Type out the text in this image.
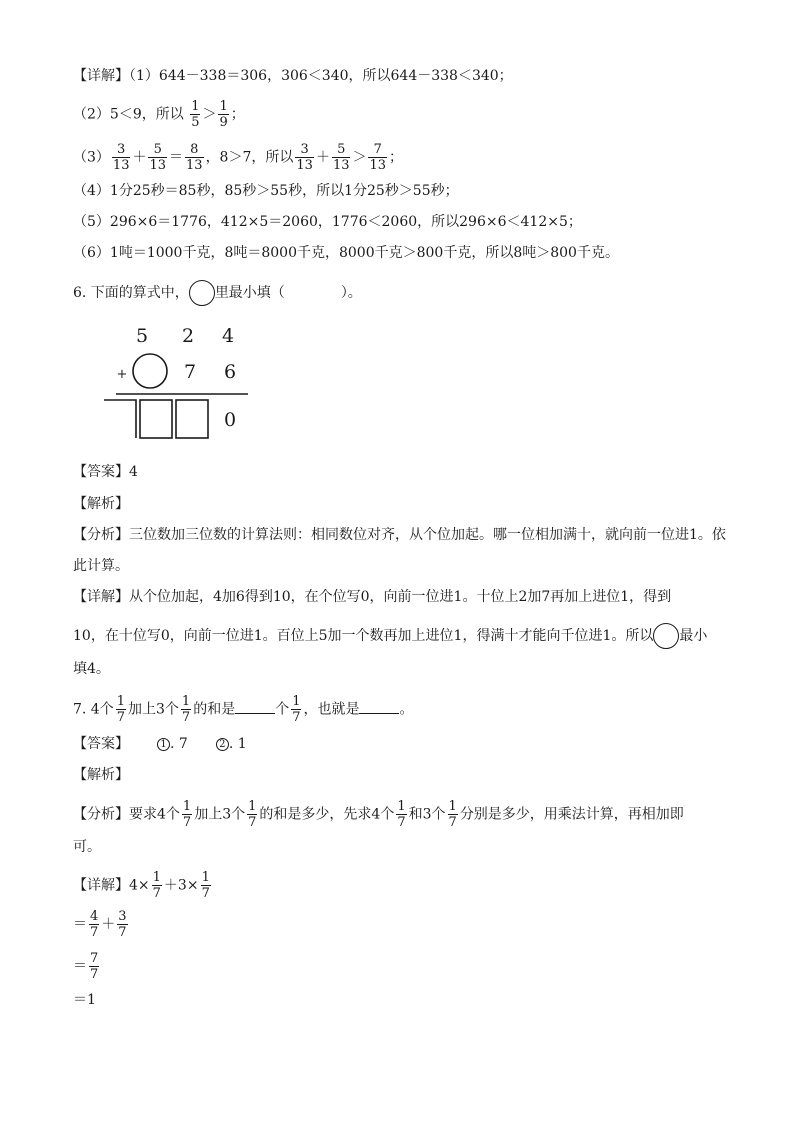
【详解】（1）644－338＝306，306＜340，所以644－338＜340；
（2）5＜9，所以 $\frac{1}{5} > \frac{1}{9}$ ；
$(3) \frac{3}{13} + \frac{5}{13} = \frac{8}{13}$ ，8＞7，所以 $\frac{3}{13} + \frac{5}{13} > \frac{7}{13}$ ；
（4）1分25秒＝85秒，85秒＞55秒，所以1分25秒＞55秒；
（5）296×6＝1776，412×5＝2060，1776＜2060，所以296×6＜412×5；
（6）1吨＝1000千克，8吨＝8000千克，8000千克＞800千克，所以8吨＞800千克。
6. 下面的算式中， 里最小填（	）。
5 2 4
+	7 6
0
【答案】4
【解析】
【分析】三位数加三位数的计算法则：相同数位对齐，从个位加起。哪一位相加满十，就向前一位进1。依
此计算。
【详解】从个位加起，4加6得到10，在个位写0，向前一位进1。十位上2加7再加上进位1，得到
10，在十位写0，向前一位进1。百位上5加一个数再加上进位1，得满十才能向千位进1。所以 最小
填4。
7. 4个 $\frac{1}{7}$ 加上3个 $\frac{1}{7}$ 的和是	个 $\frac{1}{7}$ ，也就是	。
【答案】	1 . 7	2 . 1
【解析】
【分析】要求4个 $\frac{1}{7}$ 加上3个 $\frac{1}{7}$ 的和是多少，先求4个 $\frac{1}{7}$ 和3个 $\frac{1}{7}$ 分别是多少，用乘法计算，再相加即
可。
【详解】$4\times \frac{1}{7} +3\times \frac{1}{7}$
＝ $\frac{4}{7} + \frac{3}{7}$
＝ $\frac{7}{7}$
＝1
